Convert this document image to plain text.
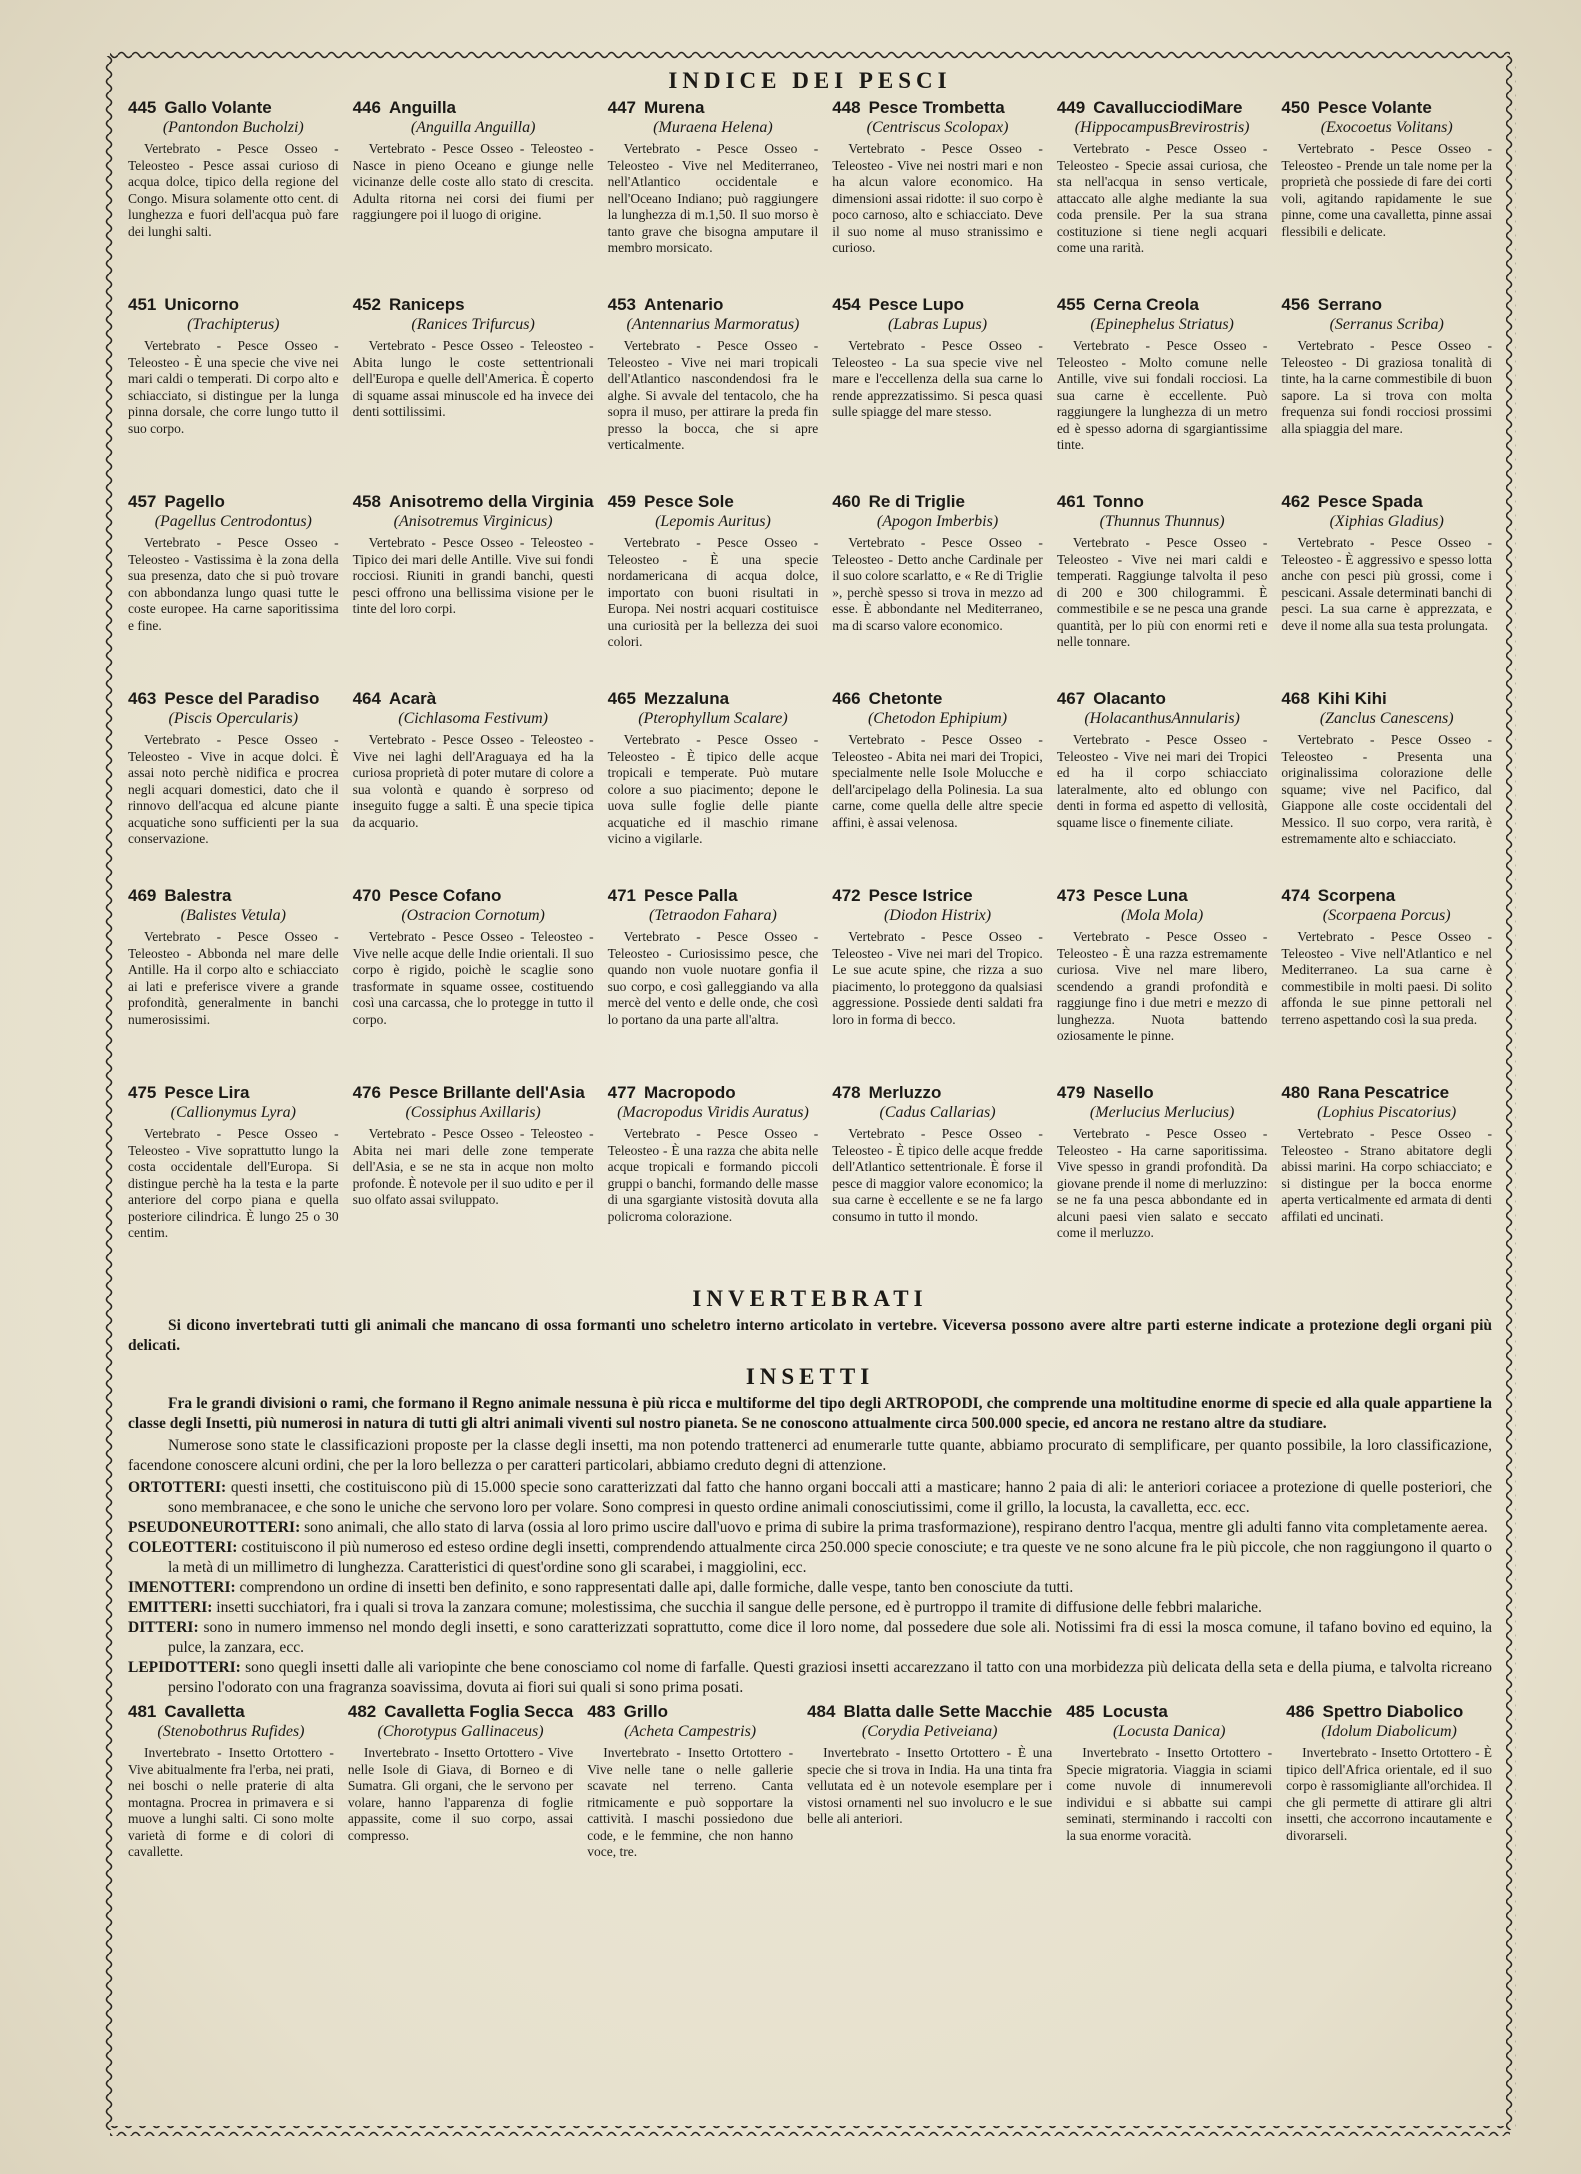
INDICE DEI PESCI
445 Gallo Volante
(Pantondon Bucholzi)
Vertebrato - Pesce Osseo - Teleosteo - Pesce assai curioso di acqua dolce, tipico della regione del Congo. Misura solamente otto cent. di lunghezza e fuori dell'acqua può fare dei lunghi salti.
446 Anguilla
(Anguilla Anguilla)
Vertebrato - Pesce Osseo - Teleosteo - Nasce in pieno Oceano e giunge nelle vicinanze delle coste allo stato di crescita. Adulta ritorna nei corsi dei fiumi per raggiungere poi il luogo di origine.
447 Murena
(Muraena Helena)
Vertebrato - Pesce Osseo - Teleosteo - Vive nel Mediterraneo, nell'Atlantico occidentale e nell'Oceano Indiano; può raggiungere la lunghezza di m.1,50. Il suo morso è tanto grave che bisogna amputare il membro morsicato.
448 Pesce Trombetta
(Centriscus Scolopax)
Vertebrato - Pesce Osseo - Teleosteo - Vive nei nostri mari e non ha alcun valore economico. Ha dimensioni assai ridotte: il suo corpo è poco carnoso, alto e schiacciato. Deve il suo nome al muso stranissimo e curioso.
449 CavallucciodiMare
(HippocampusBrevirostris)
Vertebrato - Pesce Osseo - Teleosteo - Specie assai curiosa, che sta nell'acqua in senso verticale, attaccato alle alghe mediante la sua coda prensile. Per la sua strana costituzione si tiene negli acquari come una rarità.
450 Pesce Volante
(Exocoetus Volitans)
Vertebrato - Pesce Osseo - Teleosteo - Prende un tale nome per la proprietà che possiede di fare dei corti voli, agitando rapidamente le sue pinne, come una cavalletta, pinne assai flessibili e delicate.
451 Unicorno
(Trachipterus)
Vertebrato - Pesce Osseo - Teleosteo - È una specie che vive nei mari caldi o temperati. Di corpo alto e schiacciato, si distingue per la lunga pinna dorsale, che corre lungo tutto il suo corpo.
452 Raniceps
(Ranices Trifurcus)
Vertebrato - Pesce Osseo - Teleosteo - Abita lungo le coste settentrionali dell'Europa e quelle dell'America. È coperto di squame assai minuscole ed ha invece dei denti sottilissimi.
453 Antenario
(Antennarius Marmoratus)
Vertebrato - Pesce Osseo - Teleosteo - Vive nei mari tropicali dell'Atlantico nascondendosi fra le alghe. Si avvale del tentacolo, che ha sopra il muso, per attirare la preda fin presso la bocca, che si apre verticalmente.
454 Pesce Lupo
(Labras Lupus)
Vertebrato - Pesce Osseo - Teleosteo - La sua specie vive nel mare e l'eccellenza della sua carne lo rende apprezzatissimo. Si pesca quasi sulle spiagge del mare stesso.
455 Cerna Creola
(Epinephelus Striatus)
Vertebrato - Pesce Osseo - Teleosteo - Molto comune nelle Antille, vive sui fondali rocciosi. La sua carne è eccellente. Può raggiungere la lunghezza di un metro ed è spesso adorna di sgargiantissime tinte.
456 Serrano
(Serranus Scriba)
Vertebrato - Pesce Osseo - Teleosteo - Di graziosa tonalità di tinte, ha la carne commestibile di buon sapore. La si trova con molta frequenza sui fondi rocciosi prossimi alla spiaggia del mare.
457 Pagello
(Pagellus Centrodontus)
Vertebrato - Pesce Osseo - Teleosteo - Vastissima è la zona della sua presenza, dato che si può trovare con abbondanza lungo quasi tutte le coste europee. Ha carne saporitissima e fine.
458 Anisotremo della Virginia
(Anisotremus Virginicus)
Vertebrato - Pesce Osseo - Teleosteo - Tipico dei mari delle Antille. Vive sui fondi rocciosi. Riuniti in grandi banchi, questi pesci offrono una bellissima visione per le tinte del loro corpi.
459 Pesce Sole
(Lepomis Auritus)
Vertebrato - Pesce Osseo - Teleosteo - È una specie nordamericana di acqua dolce, importato con buoni risultati in Europa. Nei nostri acquari costituisce una curiosità per la bellezza dei suoi colori.
460 Re di Triglie
(Apogon Imberbis)
Vertebrato - Pesce Osseo - Teleosteo - Detto anche Cardinale per il suo colore scarlatto, e « Re di Triglie », perchè spesso si trova in mezzo ad esse. È abbondante nel Mediterraneo, ma di scarso valore economico.
461 Tonno
(Thunnus Thunnus)
Vertebrato - Pesce Osseo - Teleosteo - Vive nei mari caldi e temperati. Raggiunge talvolta il peso di 200 e 300 chilogrammi. È commestibile e se ne pesca una grande quantità, per lo più con enormi reti e nelle tonnare.
462 Pesce Spada
(Xiphias Gladius)
Vertebrato - Pesce Osseo - Teleosteo - È aggressivo e spesso lotta anche con pesci più grossi, come i pescicani. Assale determinati banchi di pesci. La sua carne è apprezzata, e deve il nome alla sua testa prolungata.
463 Pesce del Paradiso
(Piscis Opercularis)
Vertebrato - Pesce Osseo - Teleosteo - Vive in acque dolci. È assai noto perchè nidifica e procrea negli acquari domestici, dato che il rinnovo dell'acqua ed alcune piante acquatiche sono sufficienti per la sua conservazione.
464 Acarà
(Cichlasoma Festivum)
Vertebrato - Pesce Osseo - Teleosteo - Vive nei laghi dell'Araguaya ed ha la curiosa proprietà di poter mutare di colore a sua volontà e quando è sorpreso od inseguito fugge a salti. È una specie tipica da acquario.
465 Mezzaluna
(Pterophyllum Scalare)
Vertebrato - Pesce Osseo - Teleosteo - È tipico delle acque tropicali e temperate. Può mutare colore a suo piacimento; depone le uova sulle foglie delle piante acquatiche ed il maschio rimane vicino a vigilarle.
466 Chetonte
(Chetodon Ephipium)
Vertebrato - Pesce Osseo - Teleosteo - Abita nei mari dei Tropici, specialmente nelle Isole Molucche e dell'arcipelago della Polinesia. La sua carne, come quella delle altre specie affini, è assai velenosa.
467 Olacanto
(HolacanthusAnnularis)
Vertebrato - Pesce Osseo - Teleosteo - Vive nei mari dei Tropici ed ha il corpo schiacciato lateralmente, alto ed oblungo con denti in forma ed aspetto di vellosità, squame lisce o finemente ciliate.
468 Kihi Kihi
(Zanclus Canescens)
Vertebrato - Pesce Osseo - Teleosteo - Presenta una originalissima colorazione delle squame; vive nel Pacifico, dal Giappone alle coste occidentali del Messico. Il suo corpo, vera rarità, è estremamente alto e schiacciato.
469 Balestra
(Balistes Vetula)
Vertebrato - Pesce Osseo - Teleosteo - Abbonda nel mare delle Antille. Ha il corpo alto e schiacciato ai lati e preferisce vivere a grande profondità, generalmente in banchi numerosissimi.
470 Pesce Cofano
(Ostracion Cornotum)
Vertebrato - Pesce Osseo - Teleosteo - Vive nelle acque delle Indie orientali. Il suo corpo è rigido, poichè le scaglie sono trasformate in squame ossee, costituendo così una carcassa, che lo protegge in tutto il corpo.
471 Pesce Palla
(Tetraodon Fahara)
Vertebrato - Pesce Osseo - Teleosteo - Curiosissimo pesce, che quando non vuole nuotare gonfia il suo corpo, e così galleggiando va alla mercè del vento e delle onde, che così lo portano da una parte all'altra.
472 Pesce Istrice
(Diodon Histrix)
Vertebrato - Pesce Osseo - Teleosteo - Vive nei mari del Tropico. Le sue acute spine, che rizza a suo piacimento, lo proteggono da qualsiasi aggressione. Possiede denti saldati fra loro in forma di becco.
473 Pesce Luna
(Mola Mola)
Vertebrato - Pesce Osseo - Teleosteo - È una razza estremamente curiosa. Vive nel mare libero, scendendo a grandi profondità e raggiunge fino i due metri e mezzo di lunghezza. Nuota battendo oziosamente le pinne.
474 Scorpena
(Scorpaena Porcus)
Vertebrato - Pesce Osseo - Teleosteo - Vive nell'Atlantico e nel Mediterraneo. La sua carne è commestibile in molti paesi. Di solito affonda le sue pinne pettorali nel terreno aspettando così la sua preda.
475 Pesce Lira
(Callionymus Lyra)
Vertebrato - Pesce Osseo - Teleosteo - Vive soprattutto lungo la costa occidentale dell'Europa. Si distingue perchè ha la testa e la parte anteriore del corpo piana e quella posteriore cilindrica. È lungo 25 o 30 centim.
476 Pesce Brillante dell'Asia
(Cossiphus Axillaris)
Vertebrato - Pesce Osseo - Teleosteo - Abita nei mari delle zone temperate dell'Asia, e se ne sta in acque non molto profonde. È notevole per il suo udito e per il suo olfato assai sviluppato.
477 Macropodo
(Macropodus Viridis Auratus)
Vertebrato - Pesce Osseo - Teleosteo - È una razza che abita nelle acque tropicali e formando piccoli gruppi o banchi, formando delle masse di una sgargiante vistosità dovuta alla policroma colorazione.
478 Merluzzo
(Cadus Callarias)
Vertebrato - Pesce Osseo - Teleosteo - È tipico delle acque fredde dell'Atlantico settentrionale. È forse il pesce di maggior valore economico; la sua carne è eccellente e se ne fa largo consumo in tutto il mondo.
479 Nasello
(Merlucius Merlucius)
Vertebrato - Pesce Osseo - Teleosteo - Ha carne saporitissima. Vive spesso in grandi profondità. Da giovane prende il nome di merluzzino: se ne fa una pesca abbondante ed in alcuni paesi vien salato e seccato come il merluzzo.
480 Rana Pescatrice
(Lophius Piscatorius)
Vertebrato - Pesce Osseo - Teleosteo - Strano abitatore degli abissi marini. Ha corpo schiacciato; e si distingue per la bocca enorme aperta verticalmente ed armata di denti affilati ed uncinati.
INVERTEBRATI

Si dicono invertebrati tutti gli animali che mancano di ossa formanti uno scheletro interno articolato in vertebre. Viceversa possono avere altre parti esterne indicate a protezione degli organi più delicati.

INSETTI

Fra le grandi divisioni o rami, che formano il Regno animale nessuna è più ricca e multiforme del tipo degli ARTROPODI, che comprende una moltitudine enorme di specie ed alla quale appartiene la classe degli Insetti, più numerosi in natura di tutti gli altri animali viventi sul nostro pianeta. Se ne conoscono attualmente circa 500.000 specie, ed ancora ne restano altre da studiare.

Numerose sono state le classificazioni proposte per la classe degli insetti, ma non potendo trattenerci ad enumerarle tutte quante, abbiamo procurato di semplificare, per quanto possibile, la loro classificazione, facendone conoscere alcuni ordini, che per la loro bellezza o per caratteri particolari, abbiamo creduto degni di attenzione.

ORTOTTERI: questi insetti, che costituiscono più di 15.000 specie sono caratterizzati dal fatto che hanno organi boccali atti a masticare; hanno 2 paia di ali: le anteriori coriacee a protezione di quelle posteriori, che sono membranacee, e che sono le uniche che servono loro per volare. Sono compresi in questo ordine animali conosciutissimi, come il grillo, la locusta, la cavalletta, ecc. ecc.

PSEUDONEUROTTERI: sono animali, che allo stato di larva (ossia al loro primo uscire dall'uovo e prima di subire la prima trasformazione), respirano dentro l'acqua, mentre gli adulti fanno vita completamente aerea.

COLEOTTERI: costituiscono il più numeroso ed esteso ordine degli insetti, comprendendo attualmente circa 250.000 specie conosciute; e tra queste ve ne sono alcune fra le più piccole, che non raggiungono il quarto o la metà di un millimetro di lunghezza. Caratteristici di quest'ordine sono gli scarabei, i maggiolini, ecc.

IMENOTTERI: comprendono un ordine di insetti ben definito, e sono rappresentati dalle api, dalle formiche, dalle vespe, tanto ben conosciute da tutti.

EMITTERI: insetti succhiatori, fra i quali si trova la zanzara comune; molestissima, che succhia il sangue delle persone, ed è purtroppo il tramite di diffusione delle febbri malariche.

DITTERI: sono in numero immenso nel mondo degli insetti, e sono caratterizzati soprattutto, come dice il loro nome, dal possedere due sole ali. Notissimi fra di essi la mosca comune, il tafano bovino ed equino, la pulce, la zanzara, ecc.

LEPIDOTTERI: sono quegli insetti dalle ali variopinte che bene conosciamo col nome di farfalle. Questi graziosi insetti accarezzano il tatto con una morbidezza più delicata della seta e della piuma, e talvolta ricreano persino l'odorato con una fragranza soavissima, dovuta ai fiori sui quali si sono prima posati.

481 Cavalletta
(Stenobothrus Rufides)
Invertebrato - Insetto Ortottero - Vive abitualmente fra l'erba, nei prati, nei boschi o nelle praterie di alta montagna. Procrea in primavera e si muove a lunghi salti. Ci sono molte varietà di forme e di colori di cavallette.
482 Cavalletta Foglia Secca
(Chorotypus Gallinaceus)
Invertebrato - Insetto Ortottero - Vive nelle Isole di Giava, di Borneo e di Sumatra. Gli organi, che le servono per volare, hanno l'apparenza di foglie appassite, come il suo corpo, assai compresso.
483 Grillo
(Acheta Campestris)
Invertebrato - Insetto Ortottero - Vive nelle tane o nelle gallerie scavate nel terreno. Canta ritmicamente e può sopportare la cattività. I maschi possiedono due code, e le femmine, che non hanno voce, tre.
484 Blatta dalle Sette Macchie
(Corydia Petiveiana)
Invertebrato - Insetto Ortottero - È una specie che si trova in India. Ha una tinta fra vellutata ed è un notevole esemplare per i vistosi ornamenti nel suo involucro e le sue belle ali anteriori.
485 Locusta
(Locusta Danica)
Invertebrato - Insetto Ortottero - Specie migratoria. Viaggia in sciami come nuvole di innumerevoli individui e si abbatte sui campi seminati, sterminando i raccolti con la sua enorme voracità.
486 Spettro Diabolico
(Idolum Diabolicum)
Invertebrato - Insetto Ortottero - È tipico dell'Africa orientale, ed il suo corpo è rassomigliante all'orchidea. Il che gli permette di attirare gli altri insetti, che accorrono incautamente e divorarseli.
